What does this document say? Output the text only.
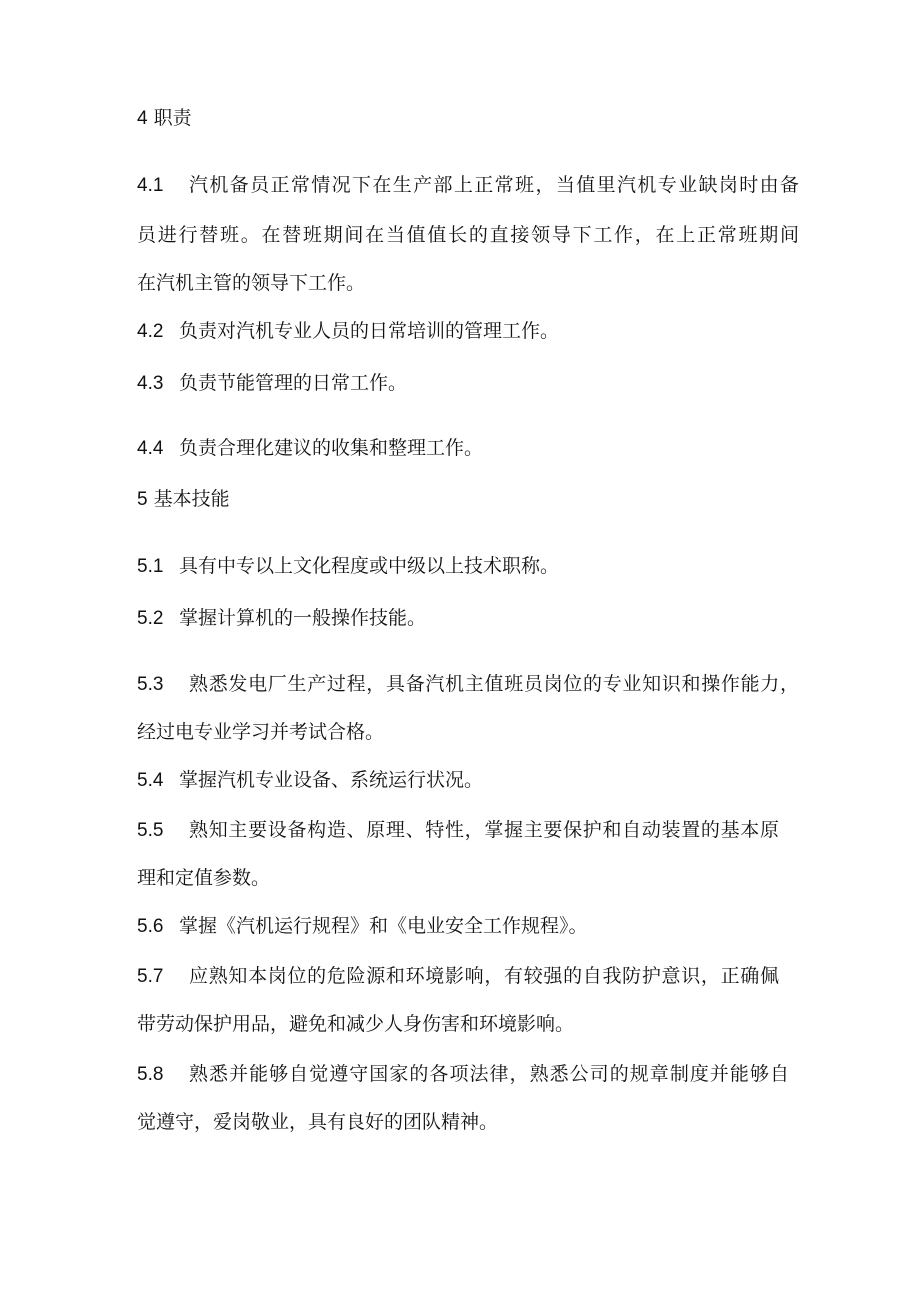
4 职责
4.1 汽机备员正常情况下在生产部上正常班，当值里汽机专业缺岗时由备
员进行替班。在替班期间在当值值长的直接领导下工作，在上正常班期间
在汽机主管的领导下工作。
4.2 负责对汽机专业人员的日常培训的管理工作。
4.3 负责节能管理的日常工作。
4.4 负责合理化建议的收集和整理工作。
5 基本技能
5.1 具有中专以上文化程度或中级以上技术职称。
5.2 掌握计算机的一般操作技能。
5.3 熟悉发电厂生产过程，具备汽机主值班员岗位的专业知识和操作能力，
经过电专业学习并考试合格。
5.4 掌握汽机专业设备、系统运行状况。
5.5 熟知主要设备构造、原理、特性，掌握主要保护和自动装置的基本原
理和定值参数。
5.6 掌握《汽机运行规程》和《电业安全工作规程》。
5.7 应熟知本岗位的危险源和环境影响，有较强的自我防护意识，正确佩
带劳动保护用品，避免和减少人身伤害和环境影响。
5.8 熟悉并能够自觉遵守国家的各项法律，熟悉公司的规章制度并能够自
觉遵守，爱岗敬业，具有良好的团队精神。
